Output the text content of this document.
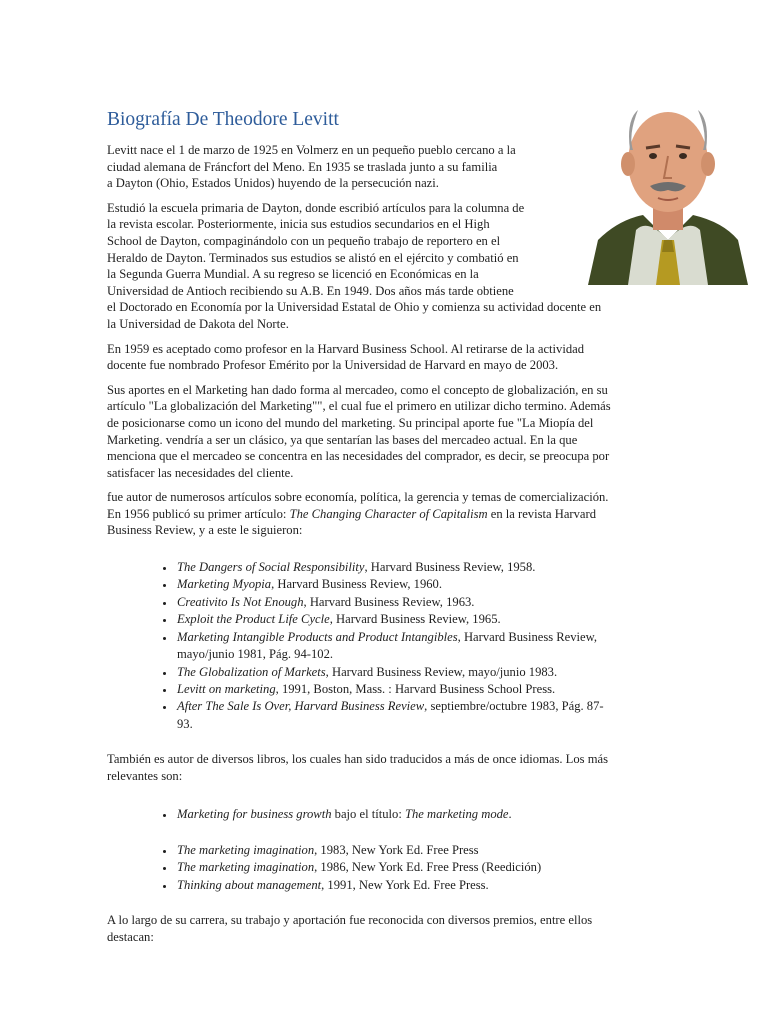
Biografía De Theodore Levitt

Levitt nace el 1 de marzo de 1925 en Volmerz en un pequeño pueblo cercano a la
ciudad alemana de Fráncfort del Meno. En 1935 se traslada junto a su familia
a Dayton (Ohio, Estados Unidos) huyendo de la persecución nazi.

Estudió la escuela primaria de Dayton, donde escribió artículos para la columna de
la revista escolar. Posteriormente, inicia sus estudios secundarios en el High
School de Dayton, compaginándolo con un pequeño trabajo de reportero en el
Heraldo de Dayton. Terminados sus estudios se alistó en el ejército y combatió en
la Segunda Guerra Mundial. A su regreso se licenció en Económicas en la
Universidad de Antioch recibiendo su A.B. En 1949. Dos años más tarde obtiene
el Doctorado en Economía por la Universidad Estatal de Ohio y comienza su actividad docente en
la Universidad de Dakota del Norte.

En 1959 es aceptado como profesor en la Harvard Business School. Al retirarse de la actividad
docente fue nombrado Profesor Emérito por la Universidad de Harvard en mayo de 2003.

Sus aportes en el Marketing han dado forma al mercadeo, como el concepto de globalización, en su
artículo "La globalización del Marketing"", el cual fue el primero en utilizar dicho termino. Además
de posicionarse como un icono del mundo del marketing. Su principal aporte fue "La Miopía del
Marketing. vendría a ser un clásico, ya que sentarían las bases del mercadeo actual. En la que
menciona que el mercadeo se concentra en las necesidades del comprador, es decir, se preocupa por
satisfacer las necesidades del cliente.

fue autor de numerosos artículos sobre economía, política, la gerencia y temas de comercialización.
En 1956 publicó su primer artículo: The Changing Character of Capitalism en la revista Harvard
Business Review, y a este le siguieron:

• The Dangers of Social Responsibility, Harvard Business Review, 1958.
• Marketing Myopia, Harvard Business Review, 1960.
• Creativito Is Not Enough, Harvard Business Review, 1963.
• Exploit the Product Life Cycle, Harvard Business Review, 1965.
• Marketing Intangible Products and Product Intangibles, Harvard Business Review,
mayo/junio 1981, Pág. 94-102.
• The Globalization of Markets, Harvard Business Review, mayo/junio 1983.
• Levitt on marketing, 1991, Boston, Mass. : Harvard Business School Press.
• After The Sale Is Over, Harvard Business Review, septiembre/octubre 1983, Pág. 87-
93.

También es autor de diversos libros, los cuales han sido traducidos a más de once idiomas. Los más
relevantes son:

• Marketing for business growth bajo el título: The marketing mode.
• The marketing imagination, 1983, New York Ed. Free Press
• The marketing imagination, 1986, New York Ed. Free Press (Reedición)
• Thinking about management, 1991, New York Ed. Free Press.

A lo largo de su carrera, su trabajo y aportación fue reconocida con diversos premios, entre ellos
destacan:
